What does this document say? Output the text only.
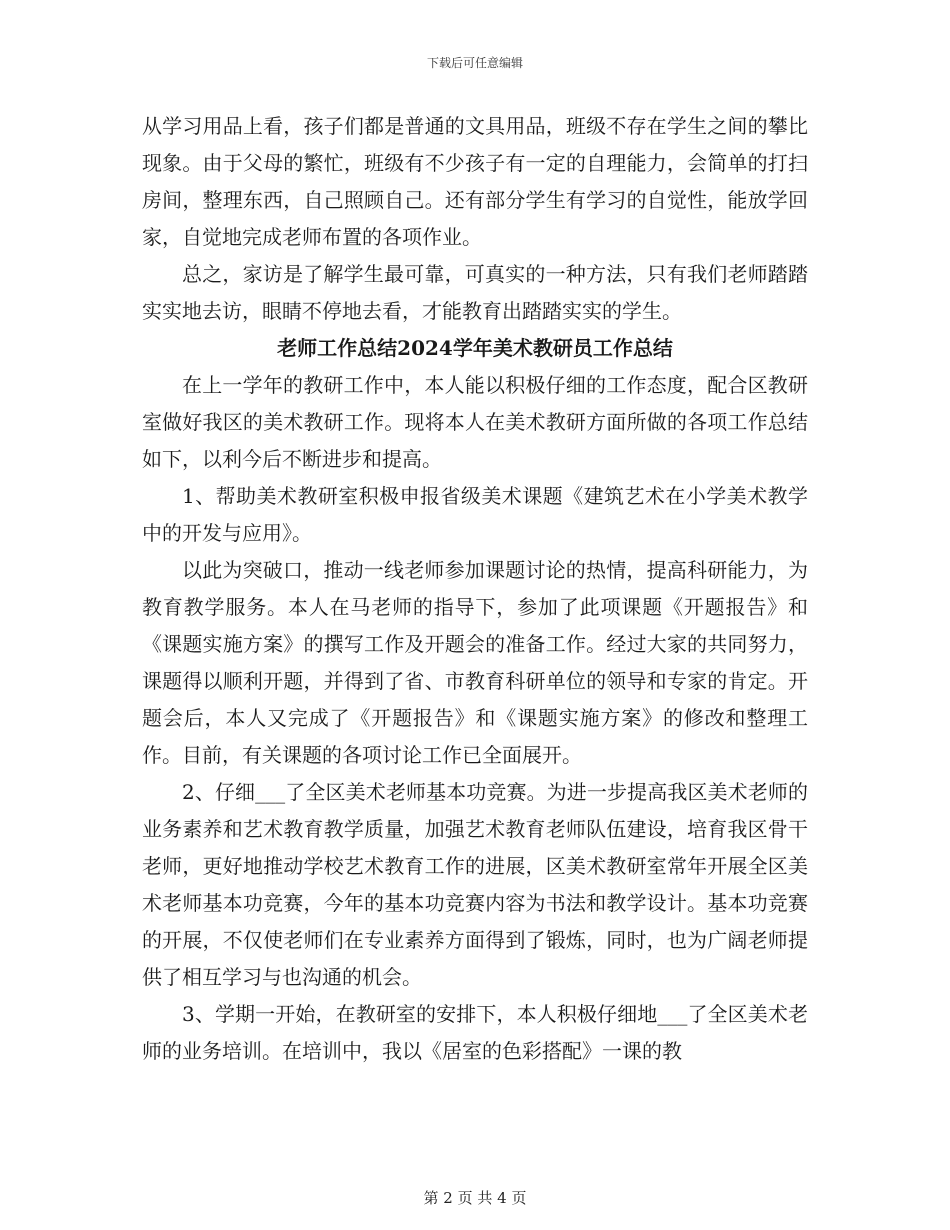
下载后可任意编辑

从学习用品上看，孩子们都是普通的文具用品，班级不存在学生之间的攀比现象。由于父母的繁忙，班级有不少孩子有一定的自理能力，会简单的打扫房间，整理东西，自己照顾自己。还有部分学生有学习的自觉性，能放学回家，自觉地完成老师布置的各项作业。

总之，家访是了解学生最可靠，可真实的一种方法，只有我们老师踏踏实实地去访，眼睛不停地去看，才能教育出踏踏实实的学生。

老师工作总结2024学年美术教研员工作总结

在上一学年的教研工作中，本人能以积极仔细的工作态度，配合区教研室做好我区的美术教研工作。现将本人在美术教研方面所做的各项工作总结如下，以利今后不断进步和提高。

1、帮助美术教研室积极申报省级美术课题《建筑艺术在小学美术教学中的开发与应用》。

以此为突破口，推动一线老师参加课题讨论的热情，提高科研能力，为教育教学服务。本人在马老师的指导下，参加了此项课题《开题报告》和《课题实施方案》的撰写工作及开题会的准备工作。经过大家的共同努力，课题得以顺利开题，并得到了省、市教育科研单位的领导和专家的肯定。开题会后，本人又完成了《开题报告》和《课题实施方案》的修改和整理工作。目前，有关课题的各项讨论工作已全面展开。

2、仔细___了全区美术老师基本功竞赛。为进一步提高我区美术老师的业务素养和艺术教育教学质量，加强艺术教育老师队伍建设，培育我区骨干老师，更好地推动学校艺术教育工作的进展，区美术教研室常年开展全区美术老师基本功竞赛，今年的基本功竞赛内容为书法和教学设计。基本功竞赛的开展，不仅使老师们在专业素养方面得到了锻炼，同时，也为广阔老师提供了相互学习与也沟通的机会。

3、学期一开始，在教研室的安排下，本人积极仔细地___了全区美术老师的业务培训。在培训中，我以《居室的色彩搭配》一课的教

第 2 页 共 4 页
